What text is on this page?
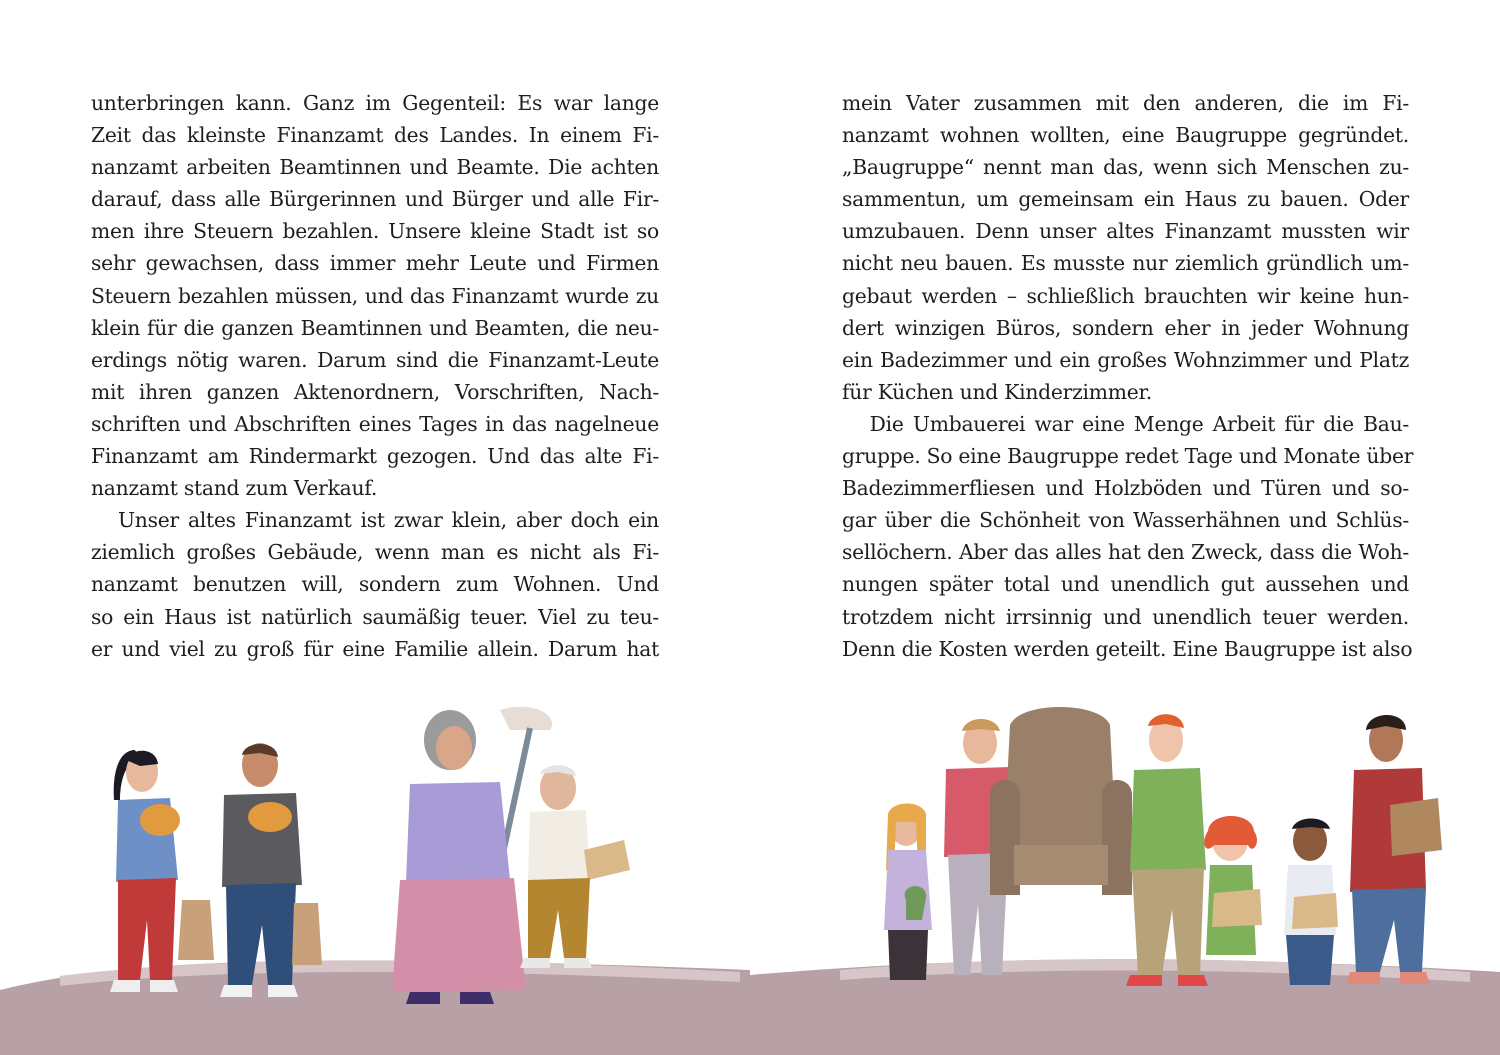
unterbringen kann. Ganz im Gegenteil: Es war lange
Zeit das kleinste Finanzamt des Landes. In einem Fi-
nanzamt arbeiten Beamtinnen und Beamte. Die achten
darauf, dass alle Bürgerinnen und Bürger und alle Fir-
men ihre Steuern bezahlen. Unsere kleine Stadt ist so
sehr gewachsen, dass immer mehr Leute und Firmen
Steuern bezahlen müssen, und das Finanzamt wurde zu
klein für die ganzen Beamtinnen und Beamten, die neu-
erdings nötig waren. Darum sind die Finanzamt-Leute
mit ihren ganzen Aktenordnern, Vorschriften, Nach-
schriften und Abschriften eines Tages in das nagelneue
Finanzamt am Rindermarkt gezogen. Und das alte Fi-
nanzamt stand zum Verkauf.
Unser altes Finanzamt ist zwar klein, aber doch ein
ziemlich großes Gebäude, wenn man es nicht als Fi-
nanzamt benutzen will, sondern zum Wohnen. Und
so ein Haus ist natürlich saumäßig teuer. Viel zu teu-
er und viel zu groß für eine Familie allein. Darum hat
mein Vater zusammen mit den anderen, die im Fi-
nanzamt wohnen wollten, eine Baugruppe gegründet.
„Baugruppe“ nennt man das, wenn sich Menschen zu-
sammentun, um gemeinsam ein Haus zu bauen. Oder
umzubauen. Denn unser altes Finanzamt mussten wir
nicht neu bauen. Es musste nur ziemlich gründlich um-
gebaut werden – schließlich brauchten wir keine hun-
dert winzigen Büros, sondern eher in jeder Wohnung
ein Badezimmer und ein großes Wohnzimmer und Platz
für Küchen und Kinderzimmer.
Die Umbauerei war eine Menge Arbeit für die Bau-
gruppe. So eine Baugruppe redet Tage und Monate über
Badezimmerfliesen und Holzböden und Türen und so-
gar über die Schönheit von Wasserhähnen und Schlüs-
sellöchern. Aber das alles hat den Zweck, dass die Woh-
nungen später total und unendlich gut aussehen und
trotzdem nicht irrsinnig und unendlich teuer werden.
Denn die Kosten werden geteilt. Eine Baugruppe ist also
